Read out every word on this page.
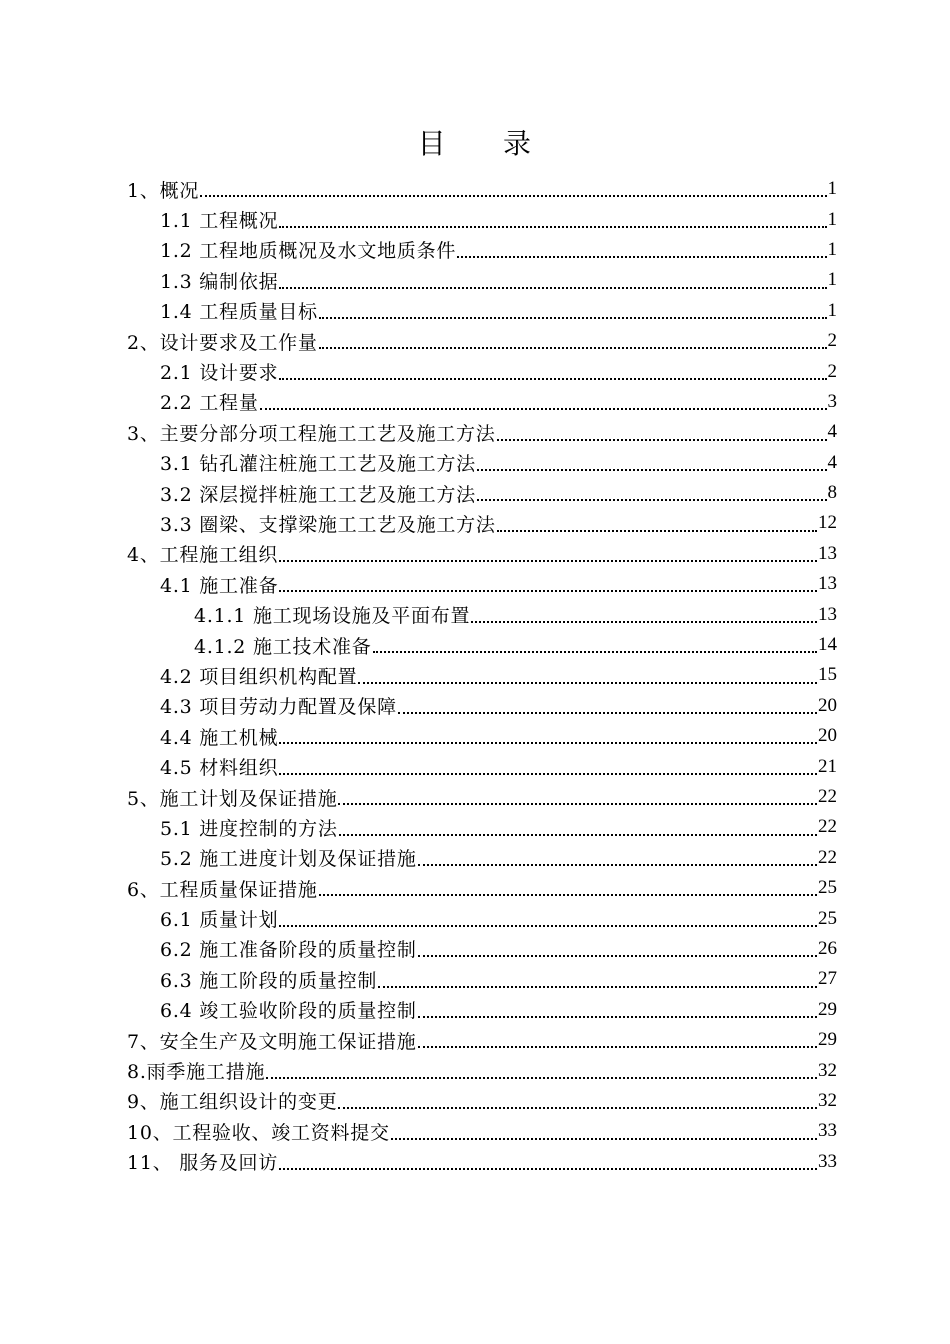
目 录
1、概况	1
1.1 工程概况	1
1.2 工程地质概况及水文地质条件	1
1.3 编制依据	1
1.4 工程质量目标	1
2、设计要求及工作量	2
2.1 设计要求	2
2.2 工程量	3
3、主要分部分项工程施工工艺及施工方法	4
3.1 钻孔灌注桩施工工艺及施工方法	4
3.2 深层搅拌桩施工工艺及施工方法	8
3.3 圈梁、支撑梁施工工艺及施工方法	12
4、工程施工组织	13
4.1 施工准备	13
4.1.1 施工现场设施及平面布置	13
4.1.2 施工技术准备	14
4.2 项目组织机构配置	15
4.3 项目劳动力配置及保障	20
4.4 施工机械	20
4.5 材料组织	21
5、施工计划及保证措施	22
5.1 进度控制的方法	22
5.2 施工进度计划及保证措施	22
6、工程质量保证措施	25
6.1 质量计划	25
6.2 施工准备阶段的质量控制	26
6.3 施工阶段的质量控制	27
6.4 竣工验收阶段的质量控制	29
7、安全生产及文明施工保证措施	29
8.雨季施工措施	32
9、施工组织设计的变更	32
10、工程验收、竣工资料提交	33
11、 服务及回访	33
